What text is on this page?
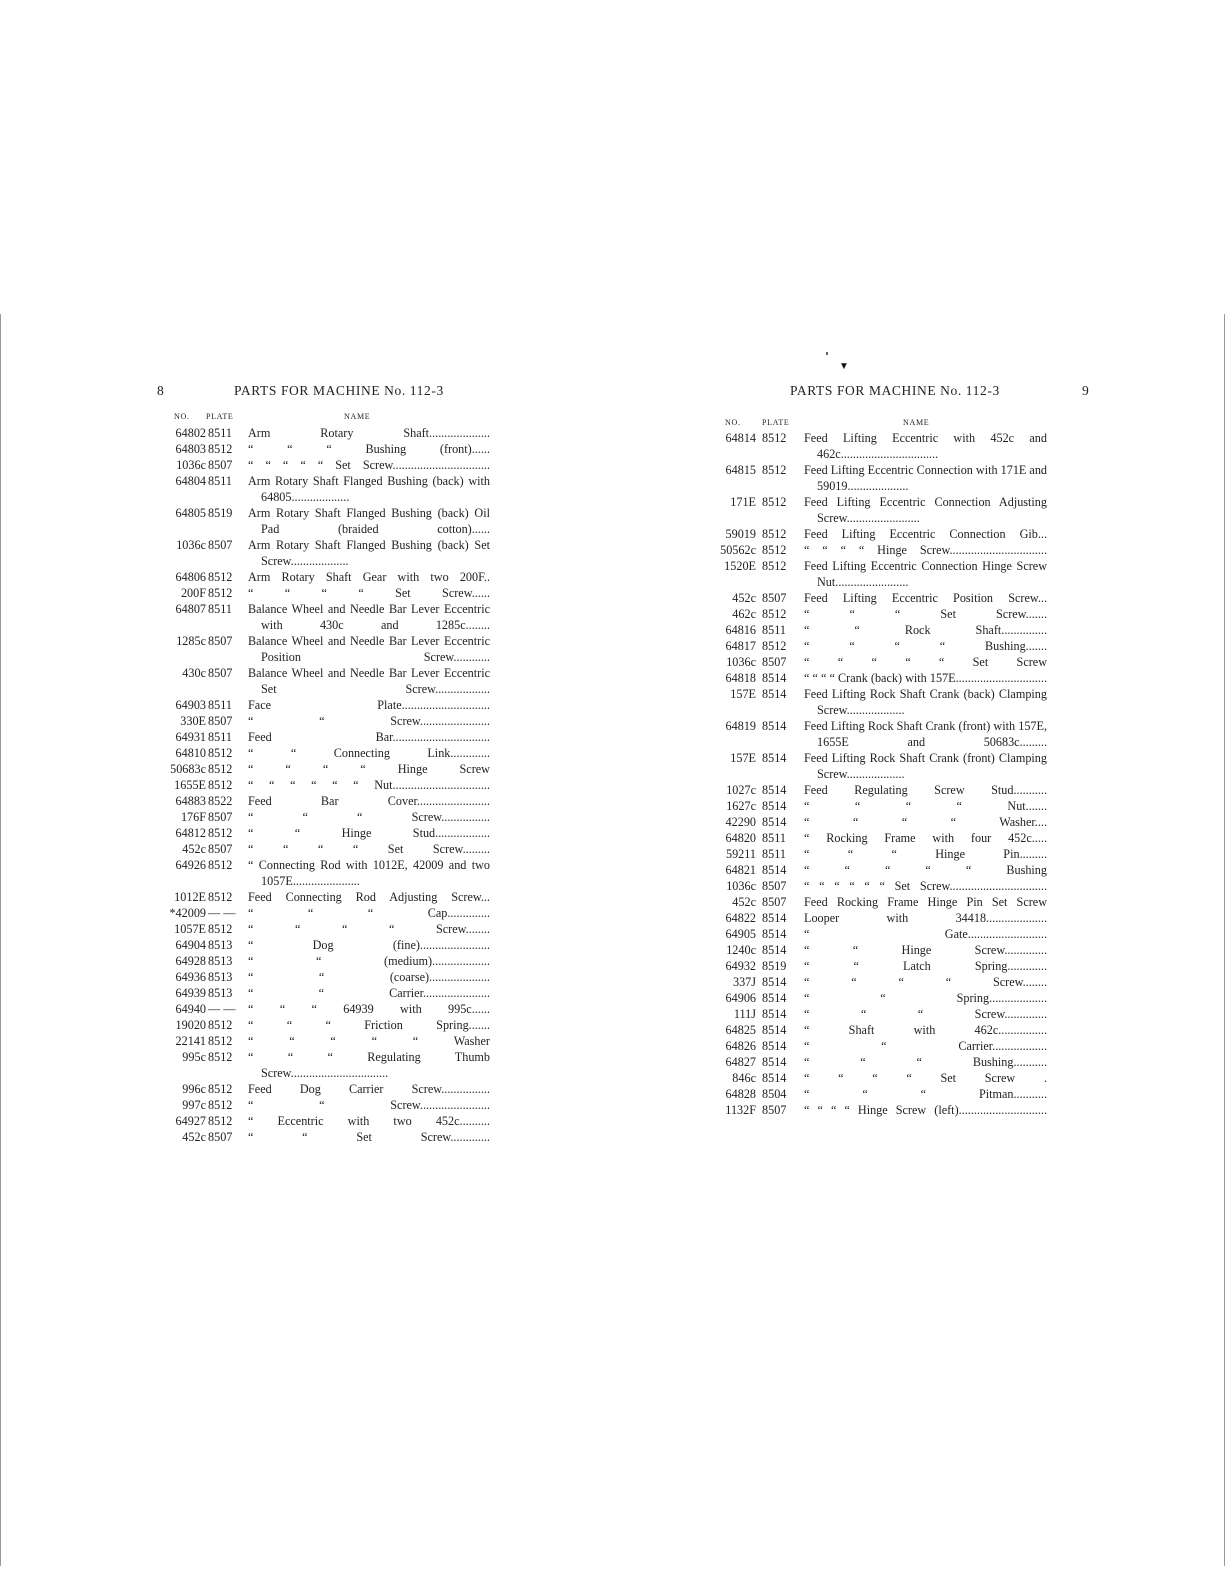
▼
8	PARTS FOR MACHINE No. 112-3
NO. PLATE	NAME
64802 8511 Arm Rotary Shaft....................
64803 8512 “ “ “ Bushing (front)......
1036c 8507 “ “ “ “ “ Set Screw................................
64804 8511 Arm Rotary Shaft Flanged Bushing (back) with 64805...................
64805 8519 Arm Rotary Shaft Flanged Bushing (back) Oil Pad (braided cotton)......
1036c 8507 Arm Rotary Shaft Flanged Bushing (back) Set Screw...................
64806 8512 Arm Rotary Shaft Gear with two 200F..
200F 8512 “ “ “ “ Set Screw......
64807 8511 Balance Wheel and Needle Bar Lever Eccentric with 430c and 1285c........
1285c 8507 Balance Wheel and Needle Bar Lever Eccentric Position Screw............
430c 8507 Balance Wheel and Needle Bar Lever Eccentric Set Screw..................
64903 8511 Face Plate.............................
330E 8507 “ “ Screw.......................
64931 8511 Feed Bar................................
64810 8512 “ “ Connecting Link.............
50683c 8512 “ “ “ “ Hinge Screw
1655E 8512 “ “ “ “ “ “ Nut................................
64883 8522 Feed Bar Cover........................
176F 8507 “ “ “ Screw................
64812 8512 “ “ Hinge Stud..................
452c 8507 “ “ “ “ Set Screw.........
64926 8512 “ Connecting Rod with 1012E, 42009 and two 1057E......................
1012E 8512 Feed Connecting Rod Adjusting Screw...
*42009 — — “ “ “ Cap..............
1057E 8512 “ “ “ “ Screw........
64904 8513 “ Dog (fine).......................
64928 8513 “ “ (medium)...................
64936 8513 “ “ (coarse)....................
64939 8513 “ “ Carrier......................
64940 — — “ “ “ 64939 with 995c......
19020 8512 “ “ “ Friction Spring.......
22141 8512 “ “ “ “ “ Washer
995c 8512 “ “ “ Regulating Thumb Screw................................
996c 8512 Feed Dog Carrier Screw................
997c 8512 “ “ Screw.......................
64927 8512 “ Eccentric with two 452c..........
452c 8507 “ “ Set Screw.............
PARTS FOR MACHINE No. 112-3	9
NO.	PLATE	NAME
64814 8512 Feed Lifting Eccentric with 452c and 462c................................
64815 8512 Feed Lifting Eccentric Connection with 171E and 59019....................
171E 8512 Feed Lifting Eccentric Connection Adjusting Screw........................
59019 8512 Feed Lifting Eccentric Connection Gib...
50562c 8512 “ “ “ “ Hinge Screw................................
1520E 8512 Feed Lifting Eccentric Connection Hinge Screw Nut........................
452c 8507 Feed Lifting Eccentric Position Screw...
462c 8512 “ “ “ Set Screw.......
64816 8511 “ “ Rock Shaft...............
64817 8512 “ “ “ “ Bushing.......
1036c 8507 “ “ “ “ “ Set Screw
64818 8514 “ “ “ “ Crank (back) with 157E..............................
157E 8514 Feed Lifting Rock Shaft Crank (back) Clamping Screw...................
64819 8514 Feed Lifting Rock Shaft Crank (front) with 157E, 1655E and 50683c.........
157E 8514 Feed Lifting Rock Shaft Crank (front) Clamping Screw...................
1027c 8514 Feed Regulating Screw Stud...........
1627c 8514 “ “ “ “ Nut.......
42290 8514 “ “ “ “ Washer....
64820 8511 “ Rocking Frame with four 452c.....
59211 8511 “ “ “ Hinge Pin.........
64821 8514 “ “ “ “ “ Bushing
1036c 8507 “ “ “ “ “ “ Set Screw................................
452c 8507 Feed Rocking Frame Hinge Pin Set Screw
64822 8514 Looper with 34418....................
64905 8514 “ Gate..........................
1240c 8514 “ “ Hinge Screw..............
64932 8519 “ “ Latch Spring.............
337J 8514 “ “ “ “ Screw........
64906 8514 “ “ Spring...................
111J 8514 “ “ “ Screw..............
64825 8514 “ Shaft with 462c................
64826 8514 “ “ Carrier..................
64827 8514 “ “ “ Bushing...........
846c 8514 “ “ “ “ Set Screw .
64828 8504 “ “ “ Pitman...........
1132F 8507 “ “ “ “ Hinge Screw (left).............................
